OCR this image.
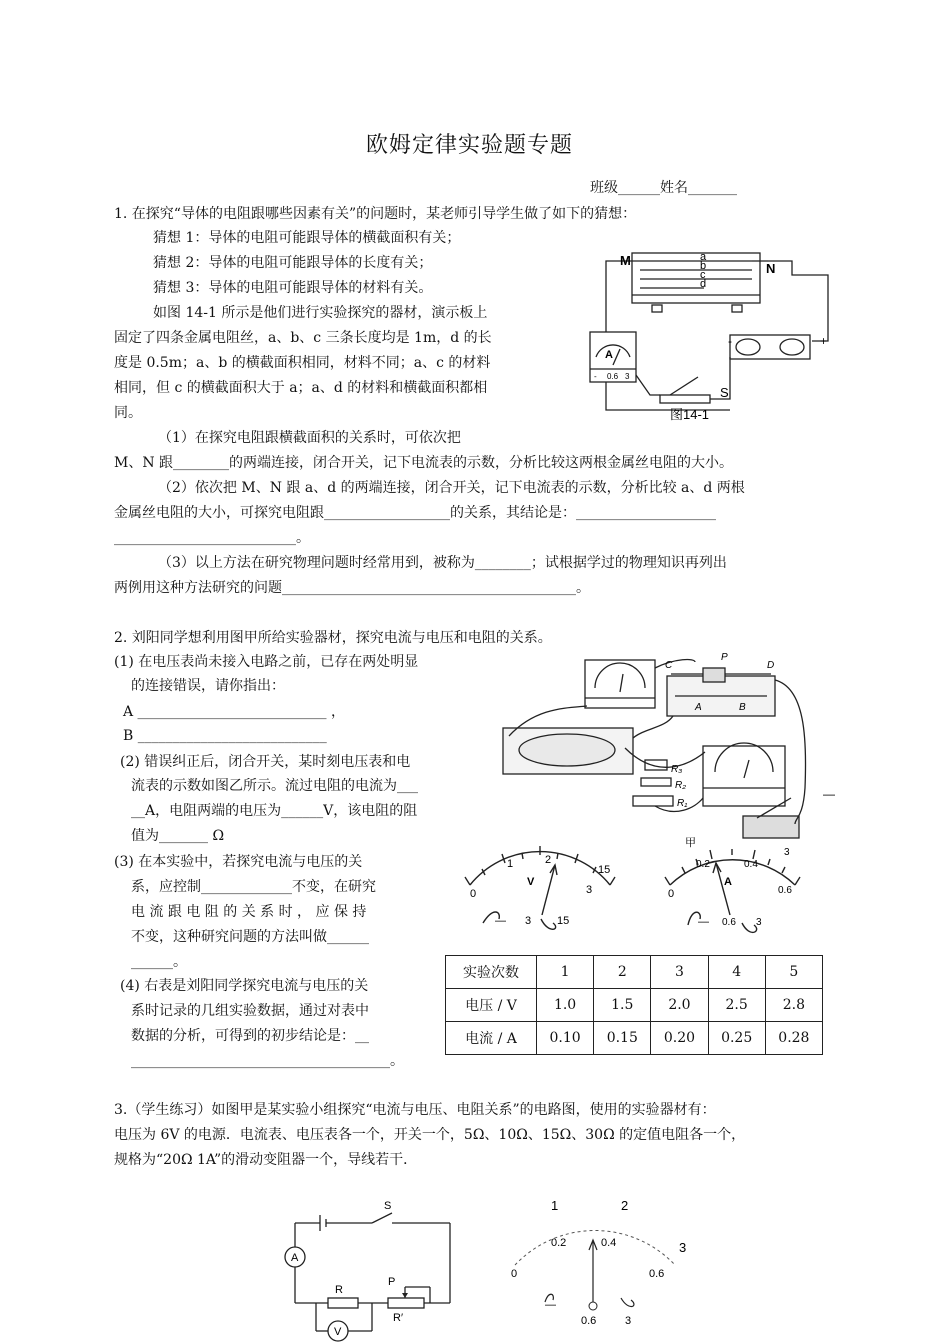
欧姆定律实验题专题
班级______姓名_______
1. 在探究“导体的电阻跟哪些因素有关”的问题时，某老师引导学生做了如下的猜想：
猜想 1：导体的电阻可能跟导体的横截面积有关；
猜想 2：导体的电阻可能跟导体的长度有关；
猜想 3：导体的电阻可能跟导体的材料有关。
如图 14-1 所示是他们进行实验探究的器材，演示板上
固定了四条金属电阻丝，a、b、c 三条长度均是 1m，d 的长
度是 0.5m；a、b 的横截面积相同，材料不同；a、c 的材料
相同，但 c 的横截面积大于 a；a、d 的材料和横截面积都相
同。
（1）在探究电阻跟横截面积的关系时，可依次把
M、N 跟________的两端连接，闭合开关，记下电流表的示数，分析比较这两根金属丝电阻的大小。
（2）依次把 M、N 跟 a、d 的两端连接，闭合开关，记下电流表的示数，分析比较 a、d 两根
金属丝电阻的大小，可探究电阻跟__________________的关系，其结论是：____________________
__________________________。
（3）以上方法在研究物理问题时经常用到，被称为________；试根据学过的物理知识再列出
两例用这种方法研究的问题__________________________________________。
M
N
a
b
c
d
A
- 0.6 3
-	+
S
图14-1
2. 刘阳同学想利用图甲所给实验器材，探究电流与电压和电阻的关系。
(1) 在电压表尚未接入电路之前，已存在两处明显
的连接错误，请你指出：
A ___________________________ ，
B ___________________________
(2) 错误纠正后，闭合开关，某时刻电压表和电
流表的示数如图乙所示。流过电阻的电流为___
__A，电阻两端的电压为______V，该电阻的阻
值为_______ Ω
(3) 在本实验中，若探究电流与电压的关
系，应控制_____________不变，在研究
电 流 跟 电 阻 的 关 系 时 ， 应 保 持
不变，这种研究问题的方法叫做______
______。
(4) 右表是刘阳同学探究电流与电压的关
系时记录的几组实验数据，通过对表中
数据的分析，可得到的初步结论是：__
_____________________________________。
C
P
D
A	B
R₃
R₂
R₁
甲
—
0
1	2
3
15
V
— 3 15
0
0.2	0.4
0.6
3
A
— 0.6 3
实验次数	1	2	3	4	5
电压 / V	1.0	1.5	2.0	2.5	2.8
电流 / A	0.10	0.15	0.20	0.25	0.28
3.（学生练习）如图甲是某实验小组探究“电流与电压、电阻关系”的电路图，使用的实验器材有：
电压为 6V 的电源．电流表、电压表各一个，开关一个，5Ω、10Ω、15Ω、30Ω 的定值电阻各一个，
规格为“20Ω 1A”的滑动变阻器一个，导线若干．
S
A
R
P
R′
V
1	2
3
0.2	0.4
0	0.6
—
0.6	3
